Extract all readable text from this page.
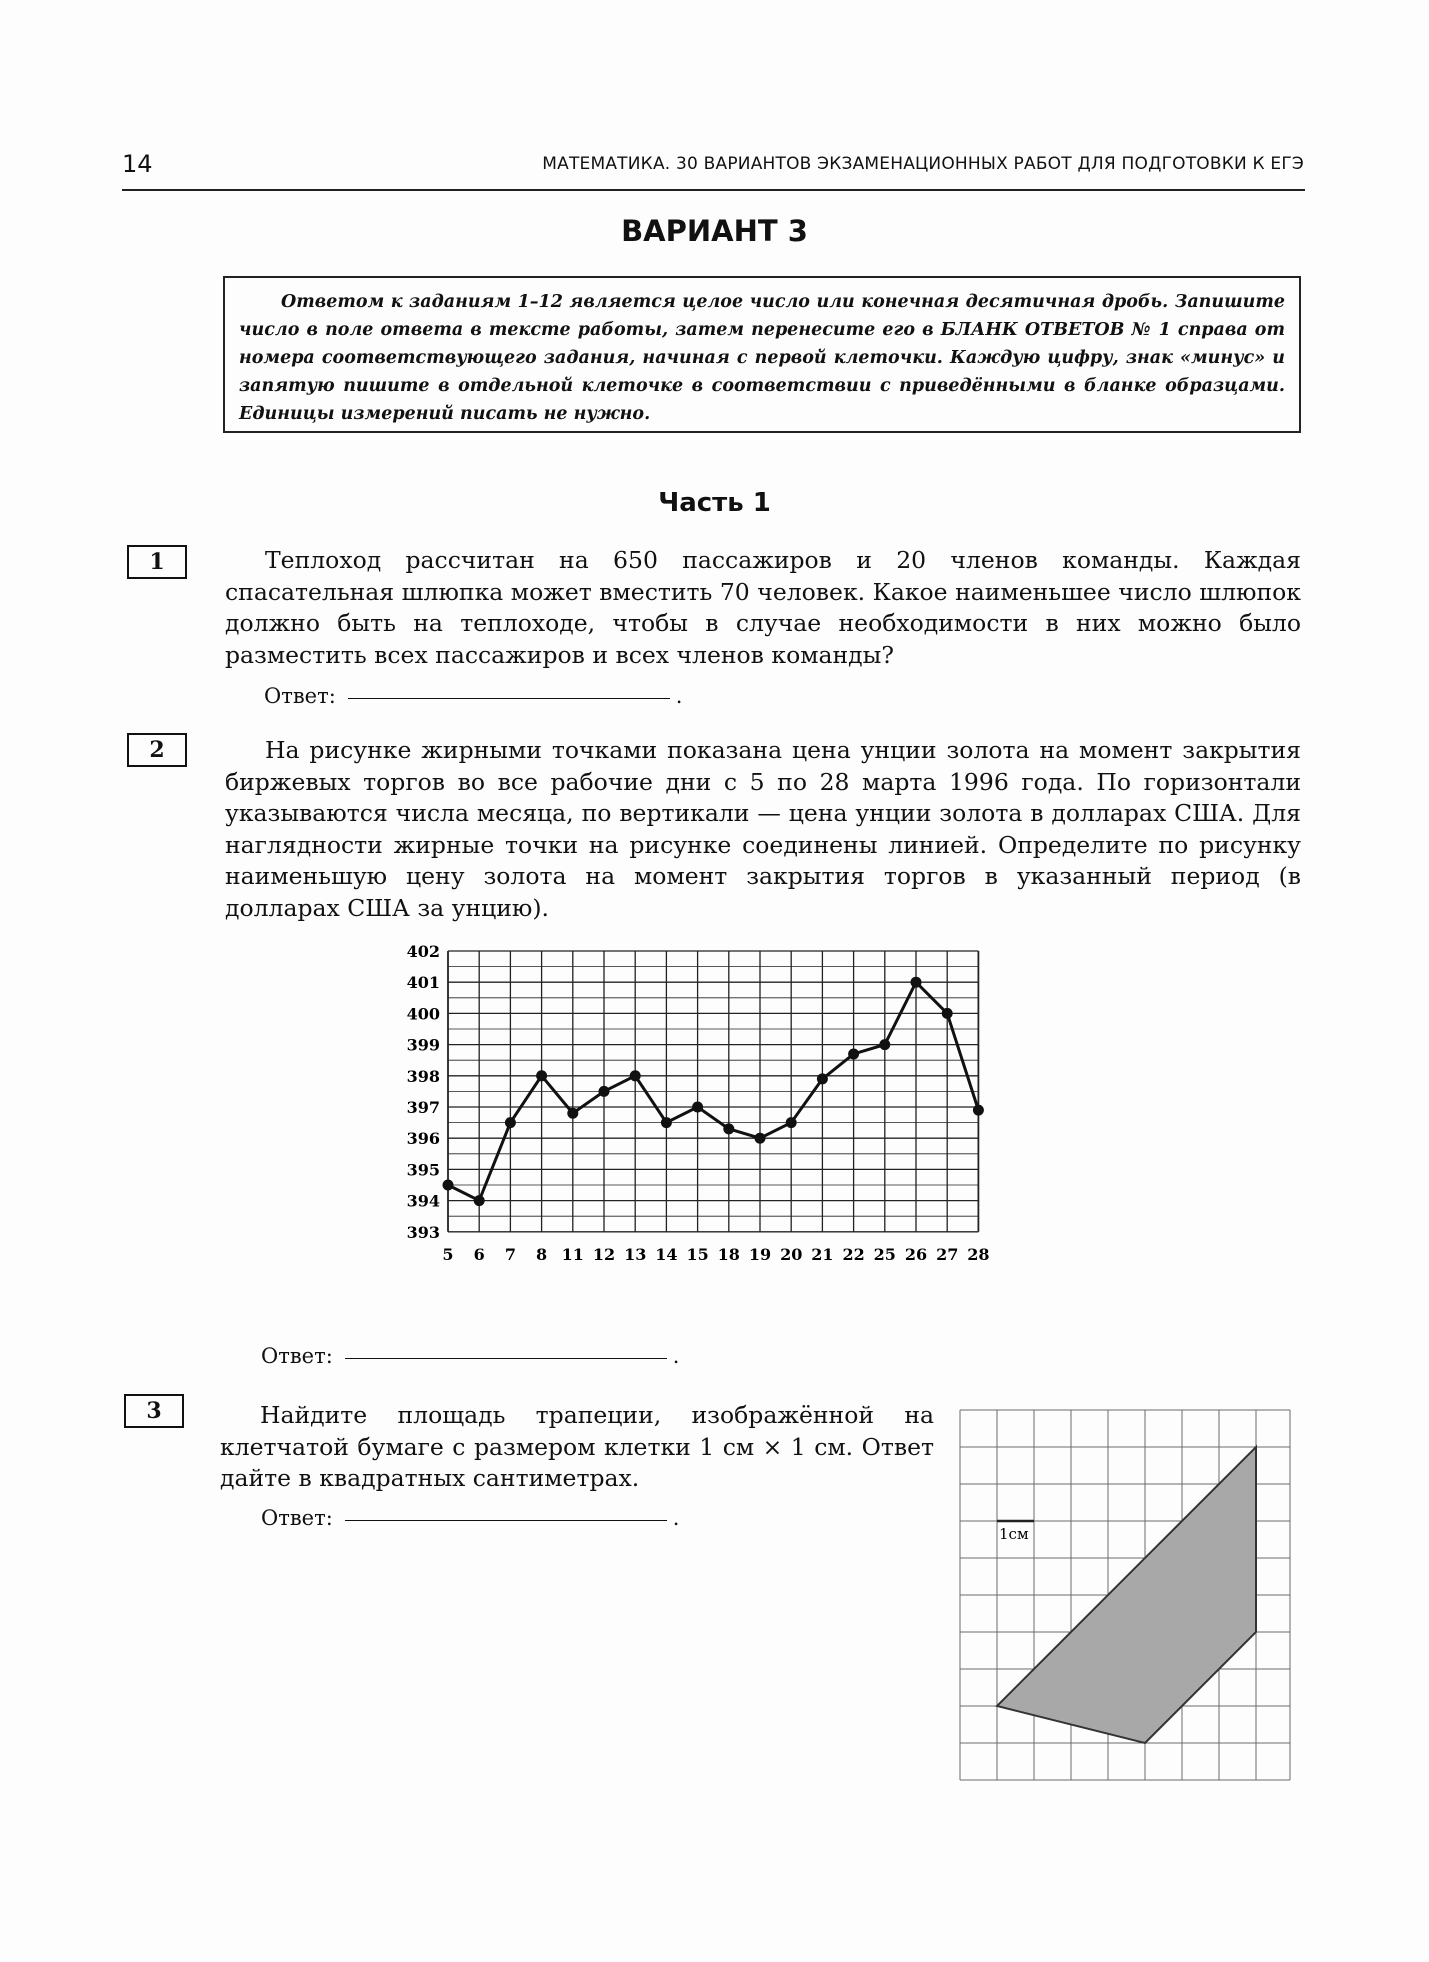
14	МАТЕМАТИКА. 30 ВАРИАНТОВ ЭКЗАМЕНАЦИОННЫХ РАБОТ ДЛЯ ПОДГОТОВКИ К ЕГЭ
ВАРИАНТ 3
Ответом к заданиям 1–12 является целое число или конечная десятичная дробь. Запишите число в поле ответа в тексте работы, затем перенесите его в БЛАНК ОТВЕТОВ № 1 справа от номера соответствующего задания, начиная с первой клеточки. Каждую цифру, знак «минус» и запятую пишите в отдельной клеточке в соответствии с приведёнными в бланке образцами. Единицы измерений писать не нужно.
Часть 1
1	Теплоход рассчитан на 650 пассажиров и 20 членов команды. Каждая спасательная шлюпка может вместить 70 человек. Какое наименьшее число шлюпок должно быть на теплоходе, чтобы в случае необходимости в них можно было разместить всех пассажиров и всех членов команды?
Ответ:	.
2	На рисунке жирными точками показана цена унции золота на момент закрытия биржевых торгов во все рабочие дни с 5 по 28 марта 1996 года. По горизонтали указываются числа месяца, по вертикали — цена унции золота в долларах США. Для наглядности жирные точки на рисунке соединены линией. Определите по рисунку наименьшую цену золота на момент закрытия торгов в указанный период (в долларах США за унцию).
393
394
395
396
397
398
399
400
401
402
5 6 7 8 11 12 13 14 15 18 19 20 21 22 25 26 27 28
Ответ:	.
3	Найдите площадь трапеции, изображённой на клетчатой бумаге с размером клетки 1 см × 1 см. Ответ дайте в квадратных сантиметрах.
Ответ:	.
1см
